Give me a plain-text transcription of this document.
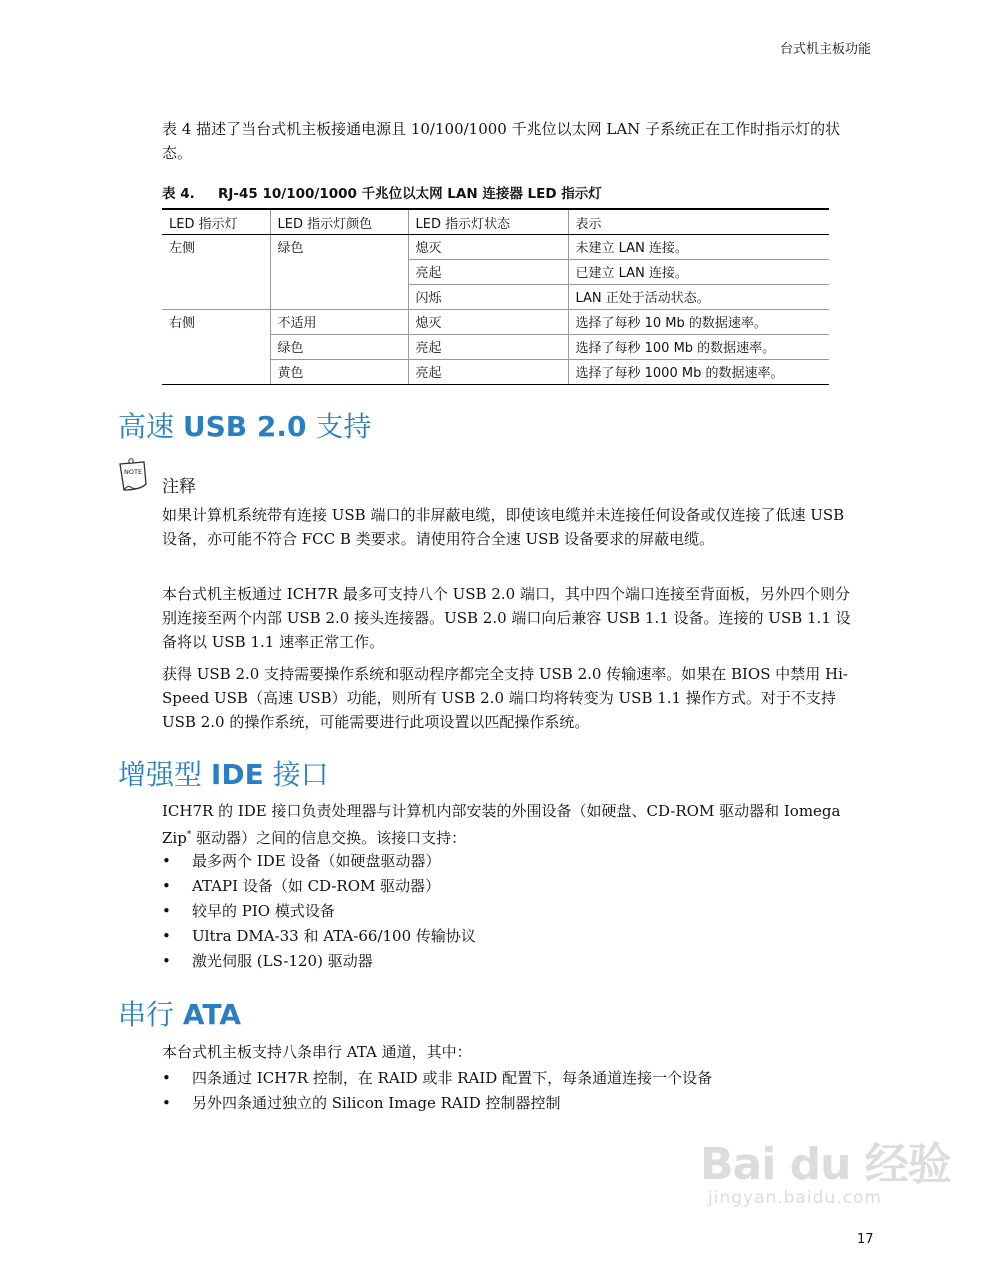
台式机主板功能

表 4 描述了当台式机主板接通电源且 10/100/1000 千兆位以太网 LAN 子系统正在工作时指示灯的状态。

表 4. RJ-45 10/100/1000 千兆位以太网 LAN 连接器 LED 指示灯
LED 指示灯	LED 指示灯颜色	LED 指示灯状态	表示
左侧	绿色	熄灭	未建立 LAN 连接。
		亮起	已建立 LAN 连接。
		闪烁	LAN 正处于活动状态。
右侧	不适用	熄灭	选择了每秒 10 Mb 的数据速率。
	绿色	亮起	选择了每秒 100 Mb 的数据速率。
	黄色	亮起	选择了每秒 1000 Mb 的数据速率。
高速 USB 2.0 支持
NOTE
注释

如果计算机系统带有连接 USB 端口的非屏蔽电缆，即使该电缆并未连接任何设备或仅连接了低速 USB 设备，亦可能不符合 FCC B 类要求。请使用符合全速 USB 设备要求的屏蔽电缆。

本台式机主板通过 ICH7R 最多可支持八个 USB 2.0 端口，其中四个端口连接至背面板，另外四个则分别连接至两个内部 USB 2.0 接头连接器。USB 2.0 端口向后兼容 USB 1.1 设备。连接的 USB 1.1 设备将以 USB 1.1 速率正常工作。

获得 USB 2.0 支持需要操作系统和驱动程序都完全支持 USB 2.0 传输速率。如果在 BIOS 中禁用 Hi-Speed USB（高速 USB）功能，则所有 USB 2.0 端口均将转变为 USB 1.1 操作方式。对于不支持 USB 2.0 的操作系统，可能需要进行此项设置以匹配操作系统。

增强型 IDE 接口

ICH7R 的 IDE 接口负责处理器与计算机内部安装的外围设备（如硬盘、CD-ROM 驱动器和 Iomega Zip* 驱动器）之间的信息交换。该接口支持：

• 最多两个 IDE 设备（如硬盘驱动器）
• ATAPI 设备（如 CD-ROM 驱动器）
• 较早的 PIO 模式设备
• Ultra DMA-33 和 ATA-66/100 传输协议
• 激光伺服 (LS-120) 驱动器
串行 ATA

本台式机主板支持八条串行 ATA 通道，其中：

• 四条通过 ICH7R 控制，在 RAID 或非 RAID 配置下，每条通道连接一个设备
• 另外四条通过独立的 Silicon Image RAID 控制器控制
Bai du 经验
jingyan.baidu.com
17
